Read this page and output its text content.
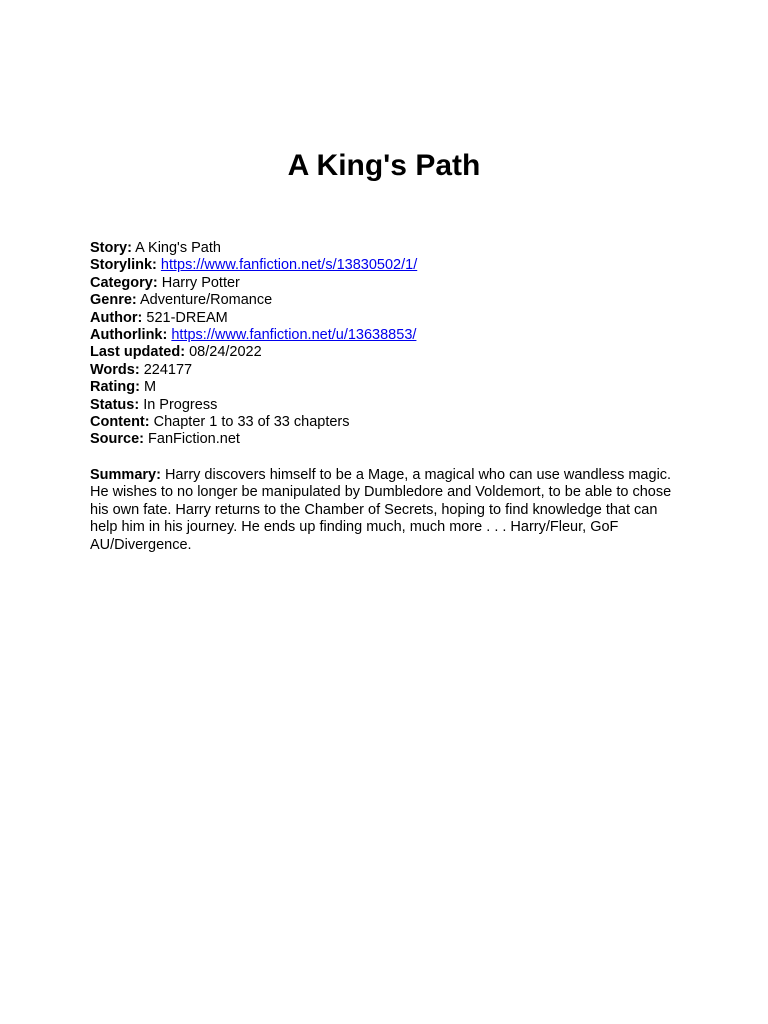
A King's Path
Story: A King's Path
Storylink: https://www.fanfiction.net/s/13830502/1/
Category: Harry Potter
Genre: Adventure/Romance
Author: 521-DREAM
Authorlink: https://www.fanfiction.net/u/13638853/
Last updated: 08/24/2022
Words: 224177
Rating: M
Status: In Progress
Content: Chapter 1 to 33 of 33 chapters
Source: FanFiction.net
Summary: Harry discovers himself to be a Mage, a magical who can use wandless magic. He wishes to no longer be manipulated by Dumbledore and Voldemort, to be able to chose his own fate. Harry returns to the Chamber of Secrets, hoping to find knowledge that can help him in his journey. He ends up finding much, much more . . . Harry/Fleur, GoF AU/Divergence.
